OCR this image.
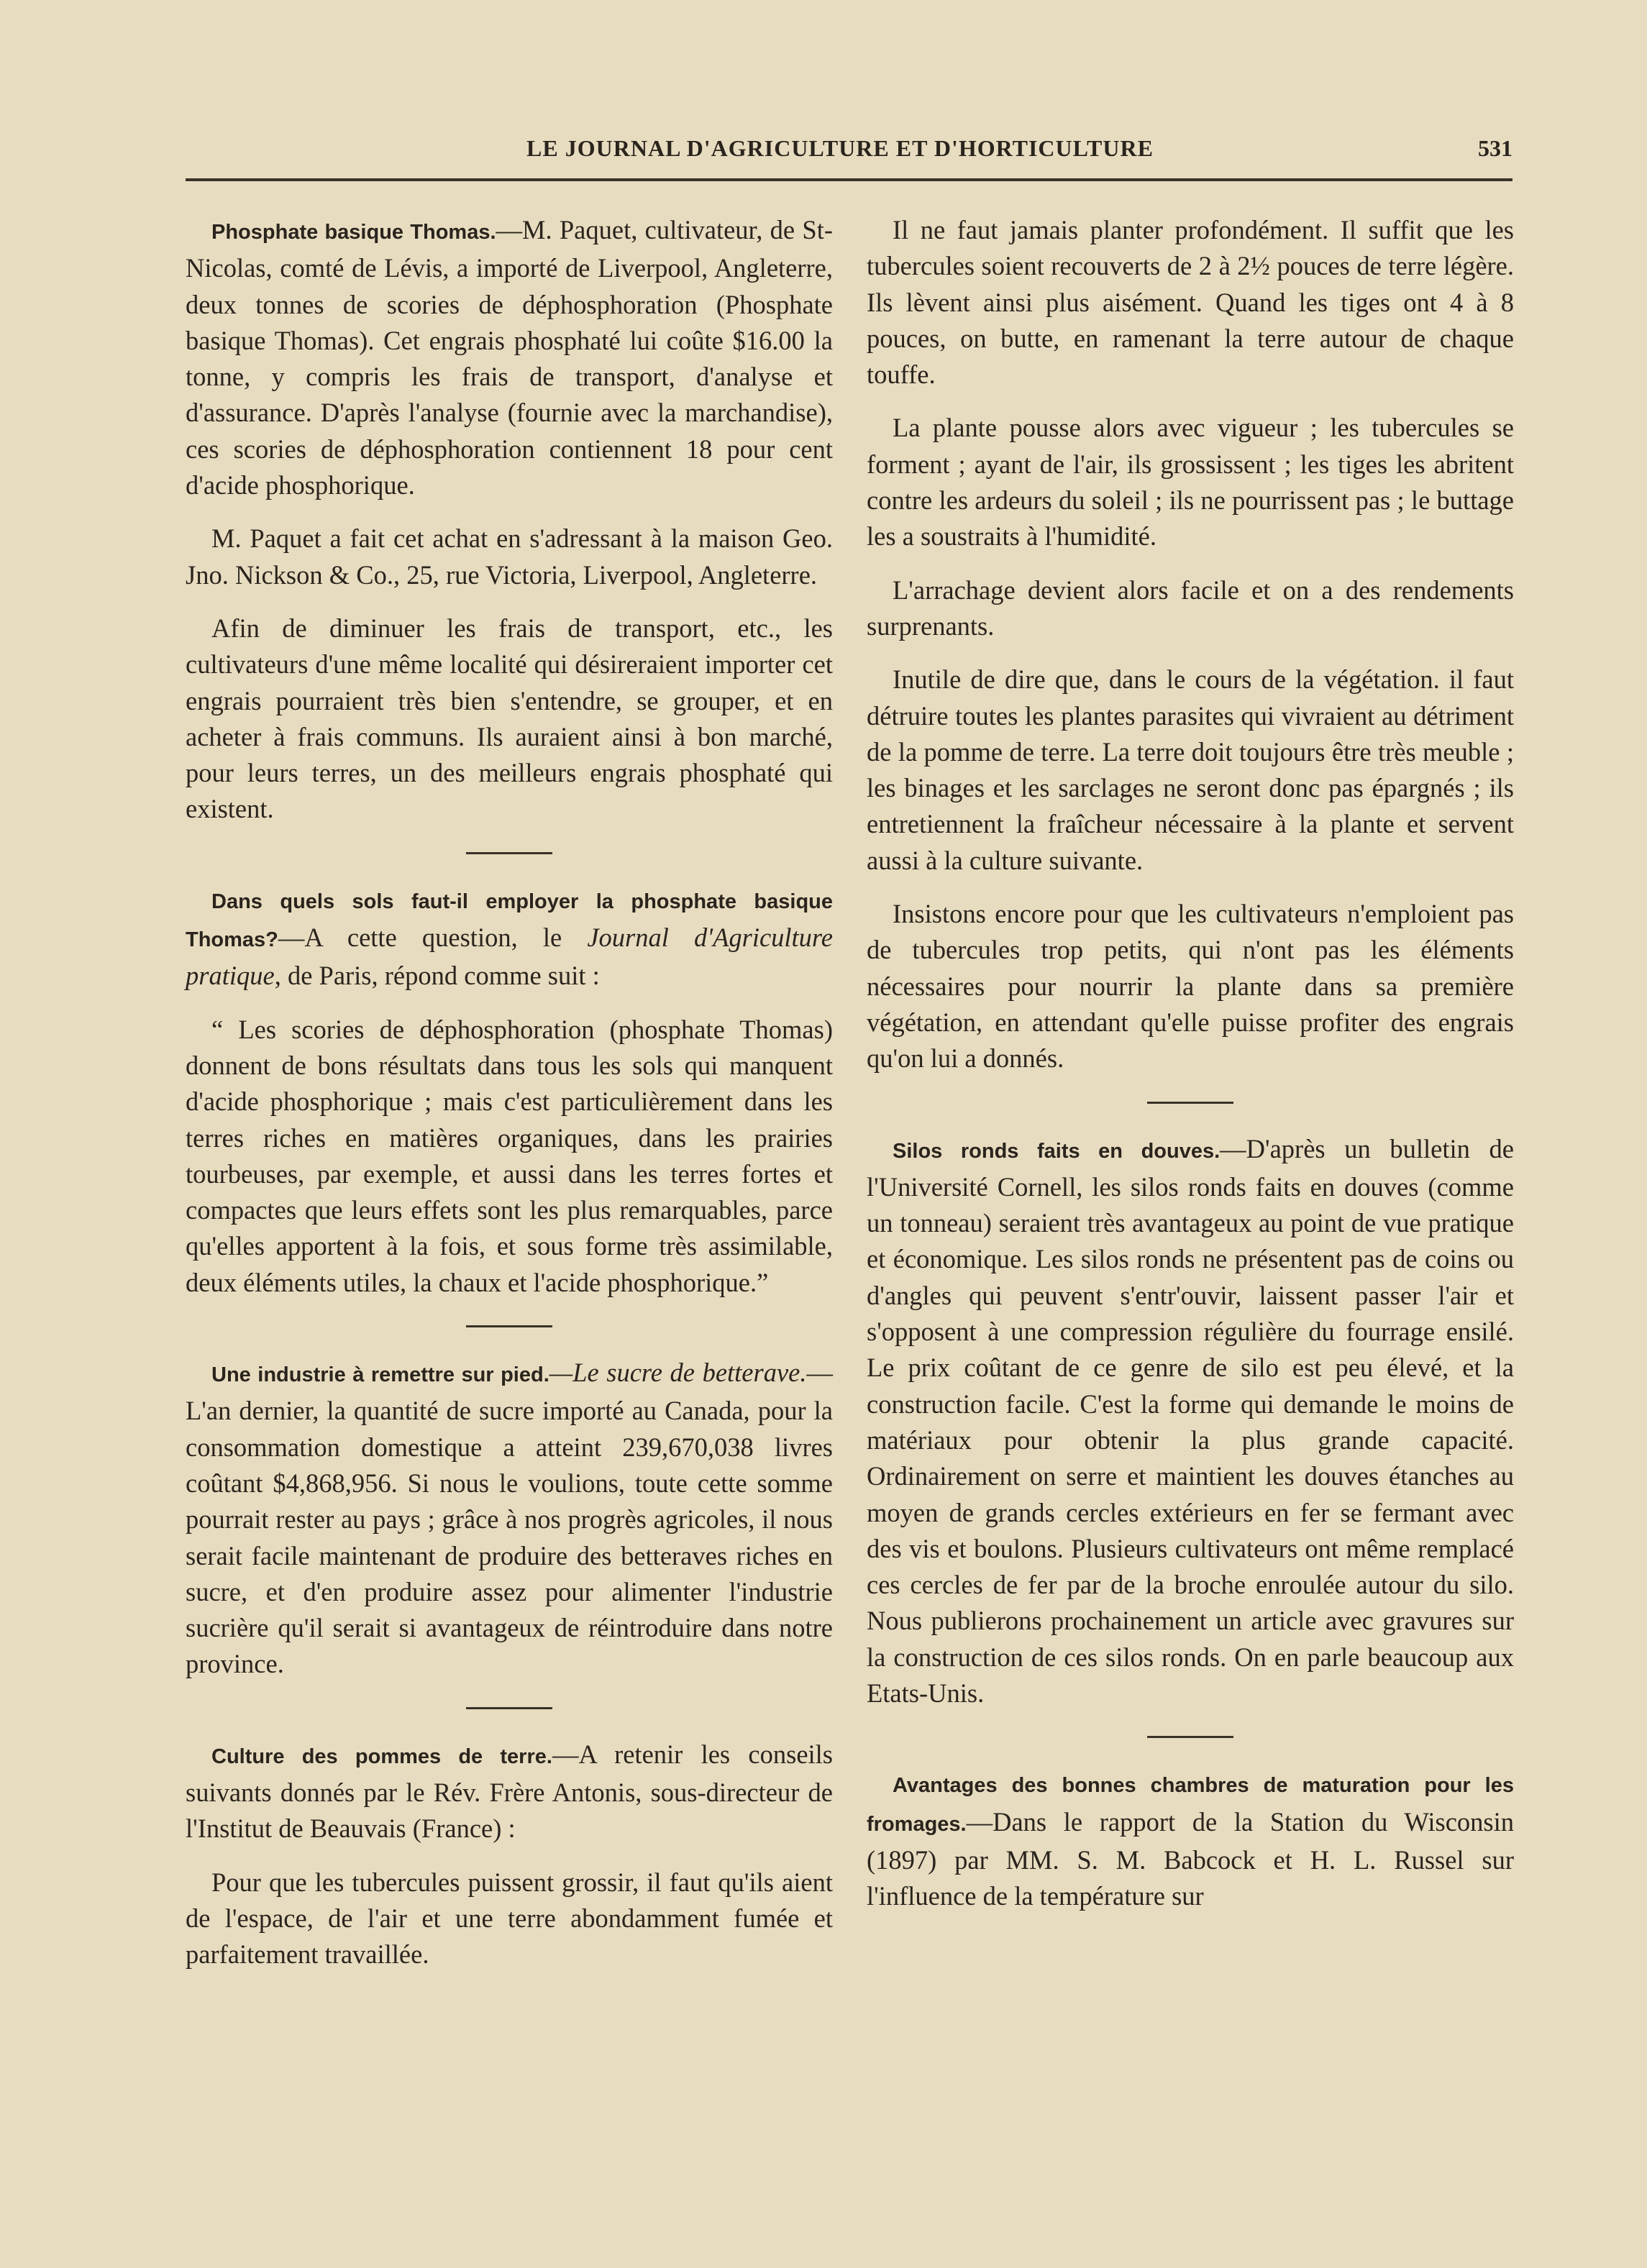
LE JOURNAL D'AGRICULTURE ET D'HORTICULTURE	531

Phosphate basique Thomas.—M. Paquet, cultivateur, de St-Nicolas, comté de Lévis, a importé de Liverpool, Angleterre, deux tonnes de scories de déphosphoration (Phosphate basique Thomas). Cet engrais phosphaté lui coûte $16.00 la tonne, y compris les frais de transport, d'analyse et d'assurance. D'après l'analyse (fournie avec la marchandise), ces scories de déphosphoration contiennent 18 pour cent d'acide phosphorique.

M. Paquet a fait cet achat en s'adressant à la maison Geo. Jno. Nickson & Co., 25, rue Victoria, Liverpool, Angleterre.

Afin de diminuer les frais de transport, etc., les cultivateurs d'une même localité qui désireraient importer cet engrais pourraient très bien s'entendre, se grouper, et en acheter à frais communs. Ils auraient ainsi à bon marché, pour leurs terres, un des meilleurs engrais phosphaté qui existent.

Dans quels sols faut-il employer la phosphate basique Thomas?—A cette question, le Journal d'Agriculture pratique, de Paris, répond comme suit :

“ Les scories de déphosphoration (phosphate Thomas) donnent de bons résultats dans tous les sols qui manquent d'acide phosphorique ; mais c'est particulièrement dans les terres riches en matières organiques, dans les prairies tourbeuses, par exemple, et aussi dans les terres fortes et compactes que leurs effets sont les plus remarquables, parce qu'elles apportent à la fois, et sous forme très assimilable, deux éléments utiles, la chaux et l'acide phosphorique.”

Une industrie à remettre sur pied.—Le sucre de betterave.—L'an dernier, la quantité de sucre importé au Canada, pour la consommation domestique a atteint 239,670,038 livres coûtant $4,868,956. Si nous le voulions, toute cette somme pourrait rester au pays ; grâce à nos progrès agricoles, il nous serait facile maintenant de produire des betteraves riches en sucre, et d'en produire assez pour alimenter l'industrie sucrière qu'il serait si avantageux de réintroduire dans notre province.

Culture des pommes de terre.—A retenir les conseils suivants donnés par le Rév. Frère Antonis, sous-directeur de l'Institut de Beauvais (France) :

Pour que les tubercules puissent grossir, il faut qu'ils aient de l'espace, de l'air et une terre abondamment fumée et parfaitement travaillée.

Il ne faut jamais planter profondément. Il suffit que les tubercules soient recouverts de 2 à 2½ pouces de terre légère. Ils lèvent ainsi plus aisément. Quand les tiges ont 4 à 8 pouces, on butte, en ramenant la terre autour de chaque touffe.

La plante pousse alors avec vigueur ; les tubercules se forment ; ayant de l'air, ils grossissent ; les tiges les abritent contre les ardeurs du soleil ; ils ne pourrissent pas ; le buttage les a soustraits à l'humidité.

L'arrachage devient alors facile et on a des rendements surprenants.

Inutile de dire que, dans le cours de la végétation. il faut détruire toutes les plantes parasites qui vivraient au détriment de la pomme de terre. La terre doit toujours être très meuble ; les binages et les sarclages ne seront donc pas épargnés ; ils entretiennent la fraîcheur nécessaire à la plante et servent aussi à la culture suivante.

Insistons encore pour que les cultivateurs n'emploient pas de tubercules trop petits, qui n'ont pas les éléments nécessaires pour nourrir la plante dans sa première végétation, en attendant qu'elle puisse profiter des engrais qu'on lui a donnés.

Silos ronds faits en douves.—D'après un bulletin de l'Université Cornell, les silos ronds faits en douves (comme un tonneau) seraient très avantageux au point de vue pratique et économique. Les silos ronds ne présentent pas de coins ou d'angles qui peuvent s'entr'ouvir, laissent passer l'air et s'opposent à une compression régulière du fourrage ensilé. Le prix coûtant de ce genre de silo est peu élevé, et la construction facile. C'est la forme qui demande le moins de matériaux pour obtenir la plus grande capacité. Ordinairement on serre et maintient les douves étanches au moyen de grands cercles extérieurs en fer se fermant avec des vis et boulons. Plusieurs cultivateurs ont même remplacé ces cercles de fer par de la broche enroulée autour du silo. Nous publierons prochainement un article avec gravures sur la construction de ces silos ronds. On en parle beaucoup aux Etats-Unis.

Avantages des bonnes chambres de maturation pour les fromages.—Dans le rapport de la Station du Wisconsin (1897) par MM. S. M. Babcock et H. L. Russel sur l'influence de la température sur
